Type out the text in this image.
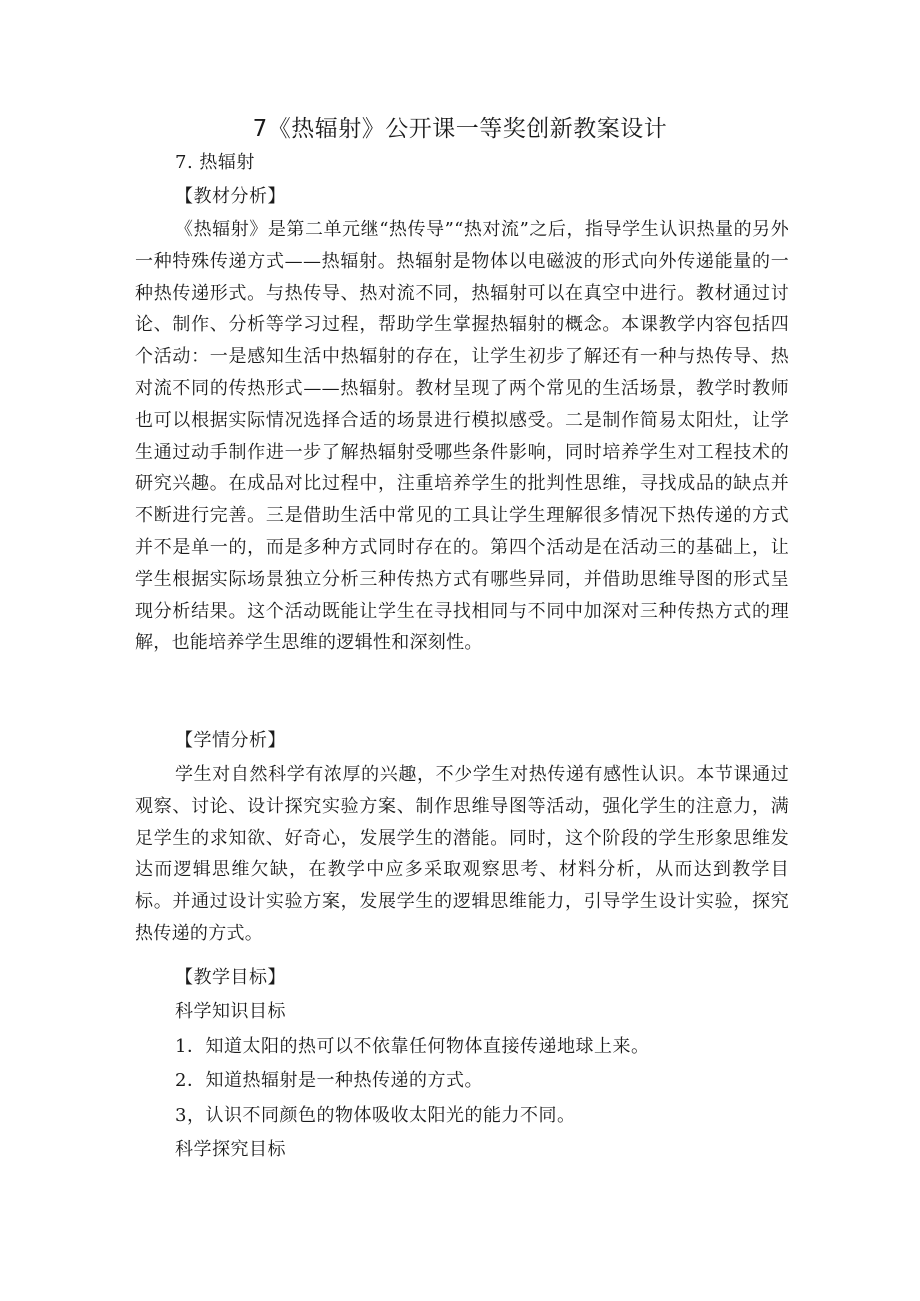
7《热辐射》公开课一等奖创新教案设计
7. 热辐射
【教材分析】
《热辐射》是第二单元继“热传导”“热对流”之后，指导学生认识热量的另外一种特殊传递方式——热辐射。热辐射是物体以电磁波的形式向外传递能量的一种热传递形式。与热传导、热对流不同，热辐射可以在真空中进行。教材通过讨论、制作、分析等学习过程，帮助学生掌握热辐射的概念。本课教学内容包括四个活动：一是感知生活中热辐射的存在，让学生初步了解还有一种与热传导、热对流不同的传热形式——热辐射。教材呈现了两个常见的生活场景，教学时教师也可以根据实际情况选择合适的场景进行模拟感受。二是制作简易太阳灶，让学生通过动手制作进一步了解热辐射受哪些条件影响，同时培养学生对工程技术的研究兴趣。在成品对比过程中，注重培养学生的批判性思维，寻找成品的缺点并不断进行完善。三是借助生活中常见的工具让学生理解很多情况下热传递的方式并不是单一的，而是多种方式同时存在的。第四个活动是在活动三的基础上，让学生根据实际场景独立分析三种传热方式有哪些异同，并借助思维导图的形式呈现分析结果。这个活动既能让学生在寻找相同与不同中加深对三种传热方式的理解，也能培养学生思维的逻辑性和深刻性。
【学情分析】
学生对自然科学有浓厚的兴趣，不少学生对热传递有感性认识。本节课通过观察、讨论、设计探究实验方案、制作思维导图等活动，强化学生的注意力，满足学生的求知欲、好奇心，发展学生的潜能。同时，这个阶段的学生形象思维发达而逻辑思维欠缺，在教学中应多采取观察思考、材料分析，从而达到教学目标。并通过设计实验方案，发展学生的逻辑思维能力，引导学生设计实验，探究热传递的方式。
【教学目标】
科学知识目标
1．知道太阳的热可以不依靠任何物体直接传递地球上来。
2．知道热辐射是一种热传递的方式。
3，认识不同颜色的物体吸收太阳光的能力不同。
科学探究目标
